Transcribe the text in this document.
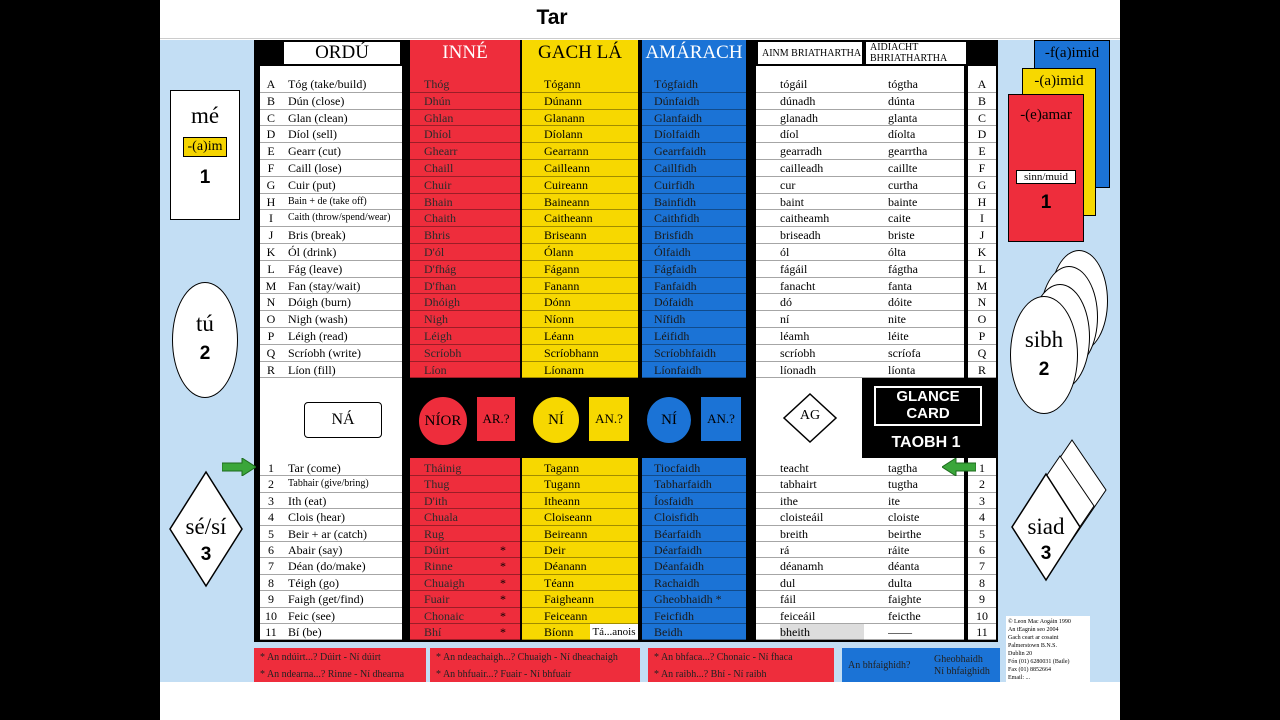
Tar
mé
-(a)im
1
tú
2
sé/sí
3
ORDÚ	INNÉ	GACH LÁ	AMÁRACH	AINM BRIATHARTHA AIDIACHT BHRIATHARTHA
A	Tóg (take/build)	Thóg	Tógann	Tógfaidh	tógáil	tógtha	A
B	Dún (close)	Dhún	Dúnann	Dúnfaidh	dúnadh	dúnta	B
C	Glan (clean)	Ghlan	Glanann	Glanfaidh	glanadh	glanta	C
D	Díol (sell)	Dhíol	Díolann	Díolfaidh	díol	díolta	D
E	Gearr (cut)	Ghearr	Gearrann	Gearrfaidh	gearradh	gearrtha	E
F	Caill (lose)	Chaill	Cailleann	Caillfidh	cailleadh	caillte	F
G	Cuir (put)	Chuir	Cuireann	Cuirfidh	cur	curtha	G
H	Bain + de (take off)	Bhain	Baineann	Bainfidh	baint	bainte	H
I	Caith (throw/spend/wear)	Chaith	Caitheann	Caithfidh	caitheamh	caite	I
J	Bris (break)	Bhris	Briseann	Brisfidh	briseadh	briste	J
K	Ól (drink)	D'ól	Ólann	Ólfaidh	ól	ólta	K
L	Fág (leave)	D'fhág	Fágann	Fágfaidh	fágáil	fágtha	L
M Fan (stay/wait)	D'fhan	Fanann	Fanfaidh	fanacht	fanta	M
N	Dóigh (burn)	Dhóigh	Dónn	Dófaidh	dó	dóite	N
O	Nigh (wash)	Nigh	Níonn	Nífidh	ní	nite	O
P	Léigh (read)	Léigh	Léann	Léifidh	léamh	léite	P
Q	Scríobh (write)	Scríobh	Scríobhann	Scríobhfaidh	scríobh	scríofa	Q
R	Líon (fill)	Líon	Líonann	Líonfaidh	líonadh	líonta	R
NÁ	NÍOR	AR.?	NÍ	AN.?	NÍ	AN.?	AG
GLANCE CARD
TAOBH 1
1	Tar (come)	Tháinig	Tagann	Tiocfaidh	teacht	tagtha	1
2	Tabhair (give/bring)	Thug	Tugann	Tabharfaidh	tabhairt	tugtha	2
3	Ith (eat)	D'ith	Itheann	Íosfaidh	ithe	ite	3
4	Clois (hear)	Chuala	Cloiseann	Cloisfidh	cloisteáil	cloiste	4
5	Beir + ar (catch)	Rug	Beireann	Béarfaidh	breith	beirthe	5
6	Abair (say)	Dúirt	*	Deir	Déarfaidh	rá	ráite	6
7	Déan (do/make)	Rinne	*	Déanann	Déanfaidh	déanamh	déanta	7
8	Téigh (go)	Chuaigh	*	Téann	Rachaidh	dul	dulta	8
9	Faigh (get/find)	Fuair	*	Faigheann	Gheobhaidh *	fáil	faighte	9
10 Feic (see)	Chonaic	*	Feiceann	Feicfidh	feiceáil	feicthe	10
11 Bí (be)	Bhí	*	Bíonn	Tá...anois Beidh	bheith	——	11
-f(a)imid
-(a)imid
-(e)amar
sinn/muid
1
sibh
2
siad
3
© Leon Mac Aogáin 1990
An tEagrán seo 2004
Gach ceart ar cosaint
Palmerstown B.N.S.
Dublin 20
Fón (01) 6280031 (Baile)
Fax (01) 8852664
Email: ...
* An ndúirt...? Dúirt - Ní dúirt
* An ndearna...? Rinne - Ní dhearna
* An ndeachaigh...? Chuaigh - Ní dheachaigh
* An bhfuair...? Fuair - Ní bhfuair
* An bhfaca...? Chonaic - Ní fhaca
* An raibh...? Bhí - Ní raibh
An bhfaighidh?
Gheobhaidh
Ní bhfaighidh
